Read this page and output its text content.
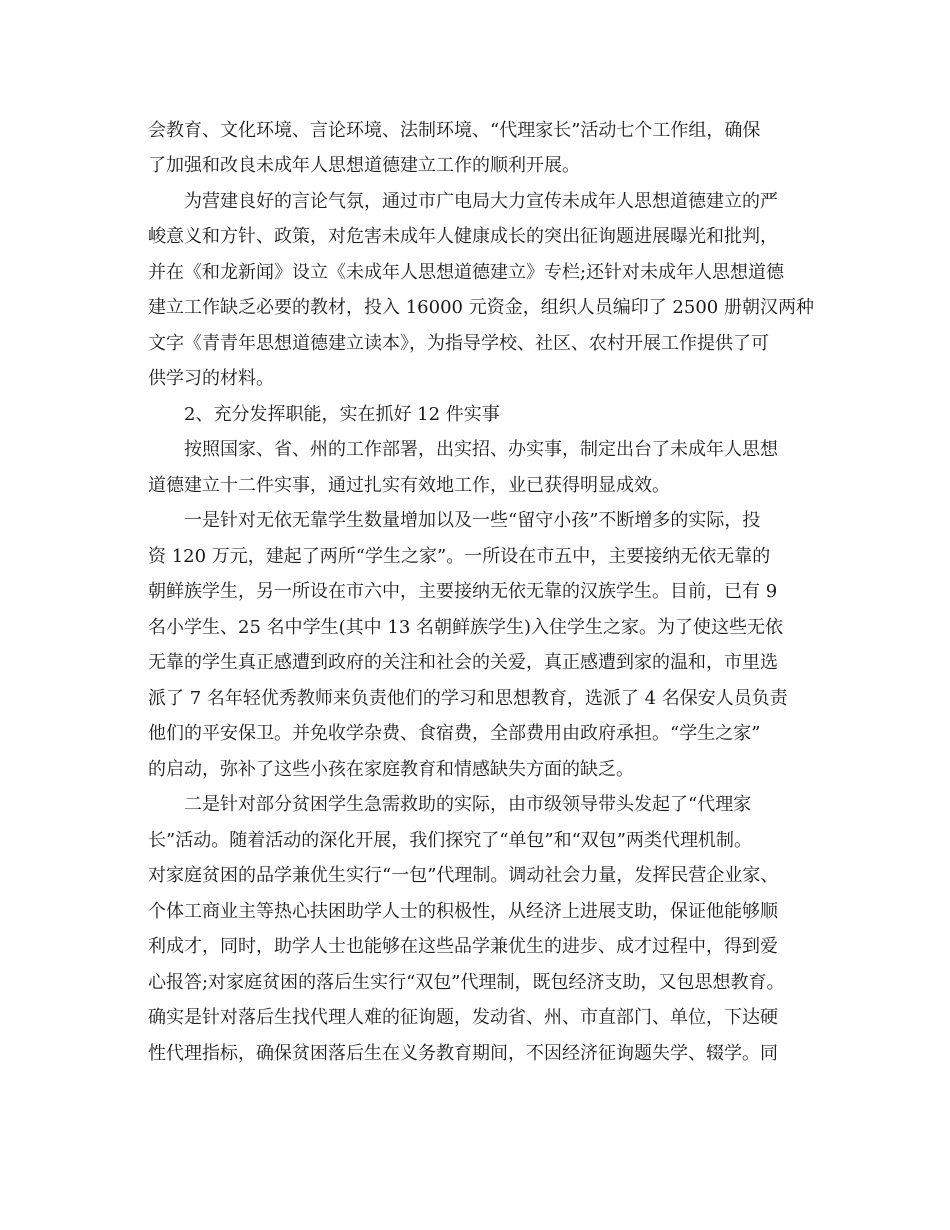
会教育、文化环境、言论环境、法制环境、“代理家长”活动七个工作组，确保
了加强和改良未成年人思想道德建立工作的顺利开展。
为营建良好的言论气氛，通过市广电局大力宣传未成年人思想道德建立的严
峻意义和方针、政策，对危害未成年人健康成长的突出征询题进展曝光和批判，
并在《和龙新闻》设立《未成年人思想道德建立》专栏;还针对未成年人思想道德
建立工作缺乏必要的教材，投入 16000 元资金，组织人员编印了 2500 册朝汉两种
文字《青青年思想道德建立读本》，为指导学校、社区、农村开展工作提供了可
供学习的材料。
2、充分发挥职能，实在抓好 12 件实事
按照国家、省、州的工作部署，出实招、办实事，制定出台了未成年人思想
道德建立十二件实事，通过扎实有效地工作，业已获得明显成效。
一是针对无依无靠学生数量增加以及一些“留守小孩”不断增多的实际，投
资 120 万元，建起了两所“学生之家”。一所设在市五中，主要接纳无依无靠的
朝鲜族学生，另一所设在市六中，主要接纳无依无靠的汉族学生。目前，已有 9
名小学生、25 名中学生(其中 13 名朝鲜族学生)入住学生之家。为了使这些无依
无靠的学生真正感遭到政府的关注和社会的关爱，真正感遭到家的温和，市里选
派了 7 名年轻优秀教师来负责他们的学习和思想教育，选派了 4 名保安人员负责
他们的平安保卫。并免收学杂费、食宿费，全部费用由政府承担。“学生之家”
的启动，弥补了这些小孩在家庭教育和情感缺失方面的缺乏。
二是针对部分贫困学生急需救助的实际，由市级领导带头发起了“代理家
长”活动。随着活动的深化开展，我们探究了“单包”和“双包”两类代理机制。
对家庭贫困的品学兼优生实行“一包”代理制。调动社会力量，发挥民营企业家、
个体工商业主等热心扶困助学人士的积极性，从经济上进展支助，保证他能够顺
利成才，同时，助学人士也能够在这些品学兼优生的进步、成才过程中，得到爱
心报答;对家庭贫困的落后生实行“双包”代理制，既包经济支助，又包思想教育。
确实是针对落后生找代理人难的征询题，发动省、州、市直部门、单位，下达硬
性代理指标，确保贫困落后生在义务教育期间，不因经济征询题失学、辍学。同
